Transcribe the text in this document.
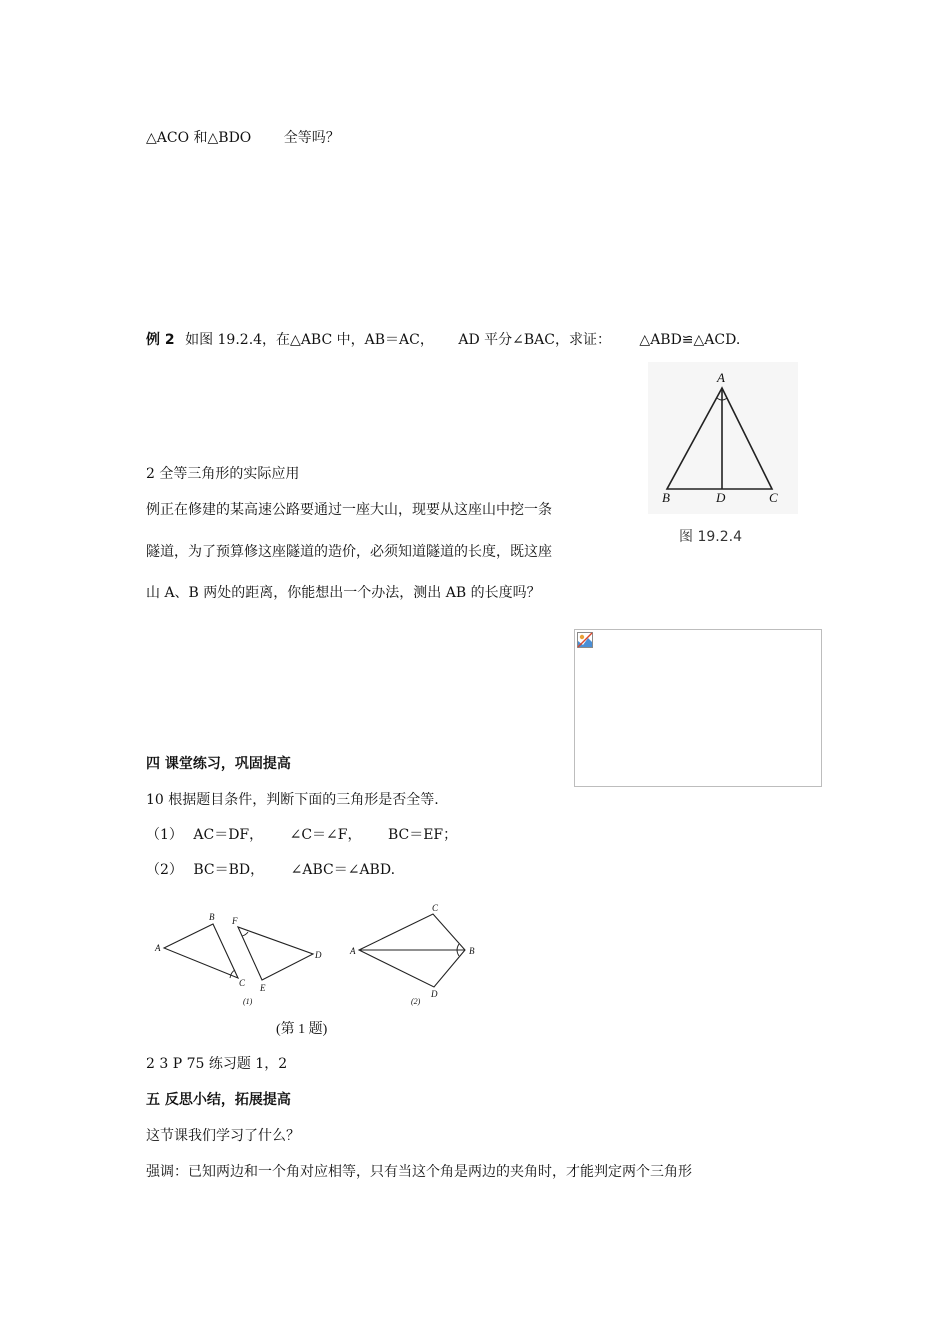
△ACO 和△BDO 全等吗？
例 2 如图 19.2.4，在△ABC 中，AB＝AC， AD 平分∠BAC，求证： △ABD≌△ACD.
A
B	D	C
图 19.2.4
2 全等三角形的实际应用
例正在修建的某高速公路要通过一座大山，现要从这座山中挖一条
隧道，为了预算修这座隧道的造价，必须知道隧道的长度，既这座
山 A、B 两处的距离，你能想出一个办法，测出 AB 的长度吗？
四 课堂练习，巩固提高
10 根据题目条件，判断下面的三角形是否全等.
（1） AC＝DF， ∠C＝∠F， BC＝EF；
（2） BC＝BD， ∠ABC＝∠ABD.
A
B
C
F
E
D
(1)
A
C
B
D
(2)
(第 1 题)
2 3 P 75 练习题 1，2
五 反思小结，拓展提高
这节课我们学习了什么？
强调：已知两边和一个角对应相等，只有当这个角是两边的夹角时，才能判定两个三角形
